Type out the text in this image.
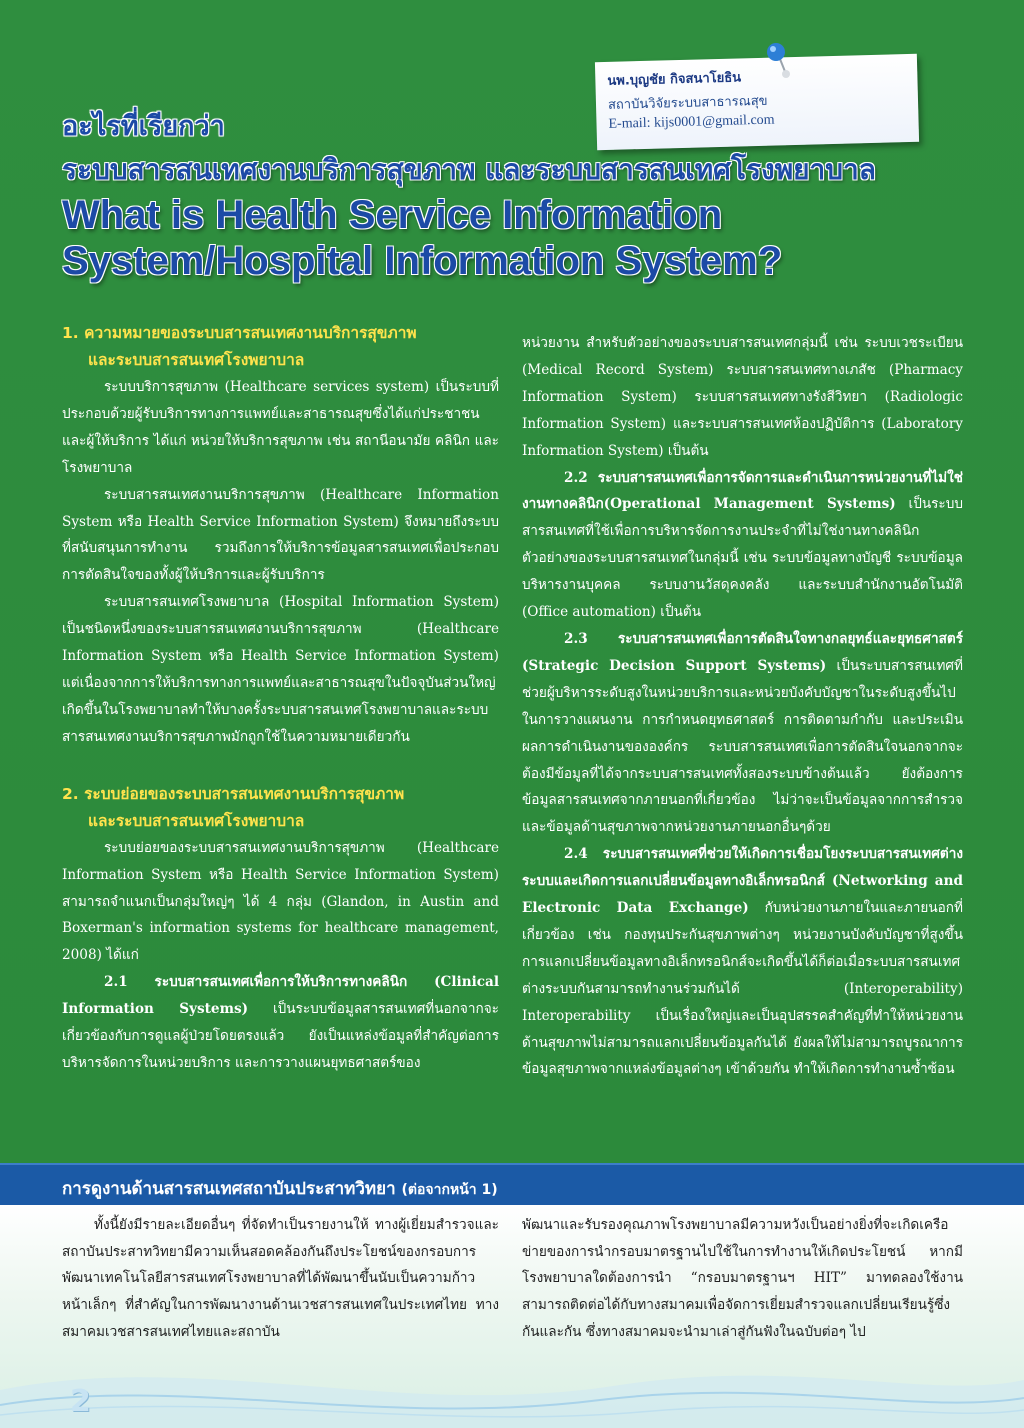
นพ.บุญชัย กิจสนาโยธิน
สถาบันวิจัยระบบสาธารณสุข
E-mail: kijs0001@gmail.com
อะไรที่เรียกว่า
ระบบสารสนเทศงานบริการสุขภาพ และระบบสารสนเทศโรงพยาบาล
What is Health Service Information
System/Hospital Information System?
1. ความหมายของระบบสารสนเทศงานบริการสุขภาพ
และระบบสารสนเทศโรงพยาบาล

ระบบบริการสุขภาพ (Healthcare services system) เป็นระบบที่ประกอบด้วยผู้รับบริการทางการแพทย์และสาธารณสุขซึ่งได้แก่ประชาชน และผู้ให้บริการ ได้แก่ หน่วยให้บริการสุขภาพ เช่น สถานีอนามัย คลินิก และโรงพยาบาล

ระบบสารสนเทศงานบริการสุขภาพ (Healthcare Information System หรือ Health Service Information System) จึงหมายถึงระบบที่สนับสนุนการทำงาน รวมถึงการให้บริการข้อมูลสารสนเทศเพื่อประกอบการตัดสินใจของทั้งผู้ให้บริการและผู้รับบริการ

ระบบสารสนเทศโรงพยาบาล (Hospital Information System) เป็นชนิดหนึ่งของระบบสารสนเทศงานบริการสุขภาพ (Healthcare Information System หรือ Health Service Information System) แต่เนื่องจากการให้บริการทางการแพทย์และสาธารณสุขในปัจจุบันส่วนใหญ่เกิดขึ้นในโรงพยาบาลทำให้บางครั้งระบบสารสนเทศโรงพยาบาลและระบบสารสนเทศงานบริการสุขภาพมักถูกใช้ในความหมายเดียวกัน

2. ระบบย่อยของระบบสารสนเทศงานบริการสุขภาพ
และระบบสารสนเทศโรงพยาบาล

ระบบย่อยของระบบสารสนเทศงานบริการสุขภาพ (Healthcare Information System หรือ Health Service Information System) สามารถจำแนกเป็นกลุ่มใหญ่ๆ ได้ 4 กลุ่ม (Glandon, in Austin and Boxerman's information systems for healthcare management, 2008) ได้แก่

2.1 ระบบสารสนเทศเพื่อการให้บริการทางคลินิก (Clinical Information Systems) เป็นระบบข้อมูลสารสนเทศที่นอกจากจะเกี่ยวข้องกับการดูแลผู้ป่วยโดยตรงแล้ว ยังเป็นแหล่งข้อมูลที่สำคัญต่อการบริหารจัดการในหน่วยบริการ และการวางแผนยุทธศาสตร์ของ

หน่วยงาน สำหรับตัวอย่างของระบบสารสนเทศกลุ่มนี้ เช่น ระบบเวชระเบียน (Medical Record System) ระบบสารสนเทศทางเภสัช (Pharmacy Information System) ระบบสารสนเทศทางรังสีวิทยา (Radiologic Information System) และระบบสารสนเทศห้องปฏิบัติการ (Laboratory Information System) เป็นต้น

2.2 ระบบสารสนเทศเพื่อการจัดการและดำเนินการหน่วยงานที่ไม่ใช่งานทางคลินิก(Operational Management Systems) เป็นระบบสารสนเทศที่ใช้เพื่อการบริหารจัดการงานประจำที่ไม่ใช่งานทางคลินิก ตัวอย่างของระบบสารสนเทศในกลุ่มนี้ เช่น ระบบข้อมูลทางบัญชี ระบบข้อมูลบริหารงานบุคคล ระบบงานวัสดุคงคลัง และระบบสำนักงานอัตโนมัติ (Office automation) เป็นต้น

2.3 ระบบสารสนเทศเพื่อการตัดสินใจทางกลยุทธ์และยุทธศาสตร์ (Strategic Decision Support Systems) เป็นระบบสารสนเทศที่ช่วยผู้บริหารระดับสูงในหน่วยบริการและหน่วยบังคับบัญชาในระดับสูงขึ้นไปในการวางแผนงาน การกำหนดยุทธศาสตร์ การติดตามกำกับ และประเมินผลการดำเนินงานขององค์กร ระบบสารสนเทศเพื่อการตัดสินใจนอกจากจะต้องมีข้อมูลที่ได้จากระบบสารสนเทศทั้งสองระบบข้างต้นแล้ว ยังต้องการข้อมูลสารสนเทศจากภายนอกที่เกี่ยวข้อง ไม่ว่าจะเป็นข้อมูลจากการสำรวจ และข้อมูลด้านสุขภาพจากหน่วยงานภายนอกอื่นๆด้วย

2.4 ระบบสารสนเทศที่ช่วยให้เกิดการเชื่อมโยงระบบสารสนเทศต่างระบบและเกิดการแลกเปลี่ยนข้อมูลทางอิเล็กทรอนิกส์ (Networking and Electronic Data Exchange) กับหน่วยงานภายในและภายนอกที่เกี่ยวข้อง เช่น กองทุนประกันสุขภาพต่างๆ หน่วยงานบังคับบัญชาที่สูงขึ้น การแลกเปลี่ยนข้อมูลทางอิเล็กทรอนิกส์จะเกิดขึ้นได้ก็ต่อเมื่อระบบสารสนเทศต่างระบบกันสามารถทำงานร่วมกันได้ (Interoperability) Interoperability เป็นเรื่องใหญ่และเป็นอุปสรรคสำคัญที่ทำให้หน่วยงานด้านสุขภาพไม่สามารถแลกเปลี่ยนข้อมูลกันได้ ยังผลให้ไม่สามารถบูรณาการข้อมูลสุขภาพจากแหล่งข้อมูลต่างๆ เข้าด้วยกัน ทำให้เกิดการทำงานซ้ำซ้อน

การดูงานด้านสารสนเทศสถาบันประสาทวิทยา (ต่อจากหน้า 1)
ทั้งนี้ยังมีรายละเอียดอื่นๆ ที่จัดทำเป็นรายงานให้ ทางผู้เยี่ยมสำรวจและสถาบันประสาทวิทยามีความเห็นสอดคล้องกันถึงประโยชน์ของกรอบการพัฒนาเทคโนโลยีสารสนเทศโรงพยาบาลที่ได้พัฒนาขึ้นนับเป็นความก้าวหน้าเล็กๆ ที่สำคัญในการพัฒนางานด้านเวชสารสนเทศในประเทศไทย ทางสมาคมเวชสารสนเทศไทยและสถาบัน
พัฒนาและรับรองคุณภาพโรงพยาบาลมีความหวังเป็นอย่างยิ่งที่จะเกิดเครือข่ายของการนำกรอบมาตรฐานไปใช้ในการทำงานให้เกิดประโยชน์ หากมีโรงพยาบาลใดต้องการนำ “กรอบมาตรฐานฯ HIT” มาทดลองใช้งานสามารถติดต่อได้กับทางสมาคมเพื่อจัดการเยี่ยมสำรวจแลกเปลี่ยนเรียนรู้ซึ่งกันและกัน ซึ่งทางสมาคมจะนำมาเล่าสู่กันฟังในฉบับต่อๆ ไป
2
